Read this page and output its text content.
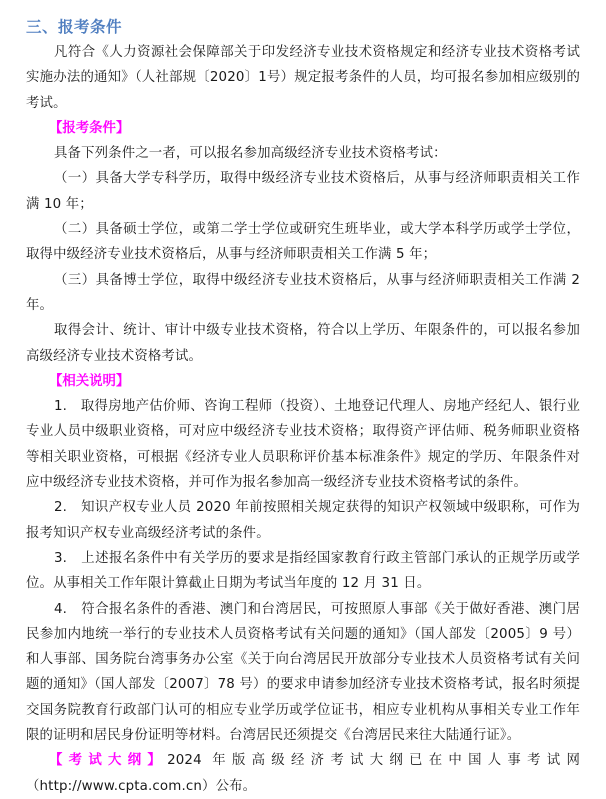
三、报考条件

凡符合《人力资源社会保障部关于印发经济专业技术资格规定和经济专业技术资格考试实施办法的通知》（人社部规〔2020〕1号）规定报考条件的人员，均可报名参加相应级别的考试。

【报考条件】

具备下列条件之一者，可以报名参加高级经济专业技术资格考试：

（一）具备大学专科学历，取得中级经济专业技术资格后，从事与经济师职责相关工作满 10 年；

（二）具备硕士学位，或第二学士学位或研究生班毕业，或大学本科学历或学士学位，取得中级经济专业技术资格后，从事与经济师职责相关工作满 5 年；

（三）具备博士学位，取得中级经济专业技术资格后，从事与经济师职责相关工作满 2 年。

取得会计、统计、审计中级专业技术资格，符合以上学历、年限条件的，可以报名参加高级经济专业技术资格考试。

【相关说明】

1.　取得房地产估价师、咨询工程师（投资）、土地登记代理人、房地产经纪人、银行业专业人员中级职业资格，可对应中级经济专业技术资格；取得资产评估师、税务师职业资格等相关职业资格，可根据《经济专业人员职称评价基本标准条件》规定的学历、年限条件对应中级经济专业技术资格，并可作为报名参加高一级经济专业技术资格考试的条件。

2.　知识产权专业人员 2020 年前按照相关规定获得的知识产权领域中级职称，可作为报考知识产权专业高级经济考试的条件。

3.　上述报名条件中有关学历的要求是指经国家教育行政主管部门承认的正规学历或学位。从事相关工作年限计算截止日期为考试当年度的 12 月 31 日。

4.　符合报名条件的香港、澳门和台湾居民，可按照原人事部《关于做好香港、澳门居民参加内地统一举行的专业技术人员资格考试有关问题的通知》（国人部发〔2005〕9 号）和人事部、国务院台湾事务办公室《关于向台湾居民开放部分专业技术人员资格考试有关问题的通知》（国人部发〔2007〕78 号）的要求申请参加经济专业技术资格考试，报名时须提交国务院教育行政部门认可的相应专业学历或学位证书，相应专业机构从事相关专业工作年限的证明和居民身份证明等材料。台湾居民还须提交《台湾居民来往大陆通行证》。

【考试大纲】2024 年版高级经济考试大纲已在中国人事考试网（http://www.cpta.com.cn）公布。
